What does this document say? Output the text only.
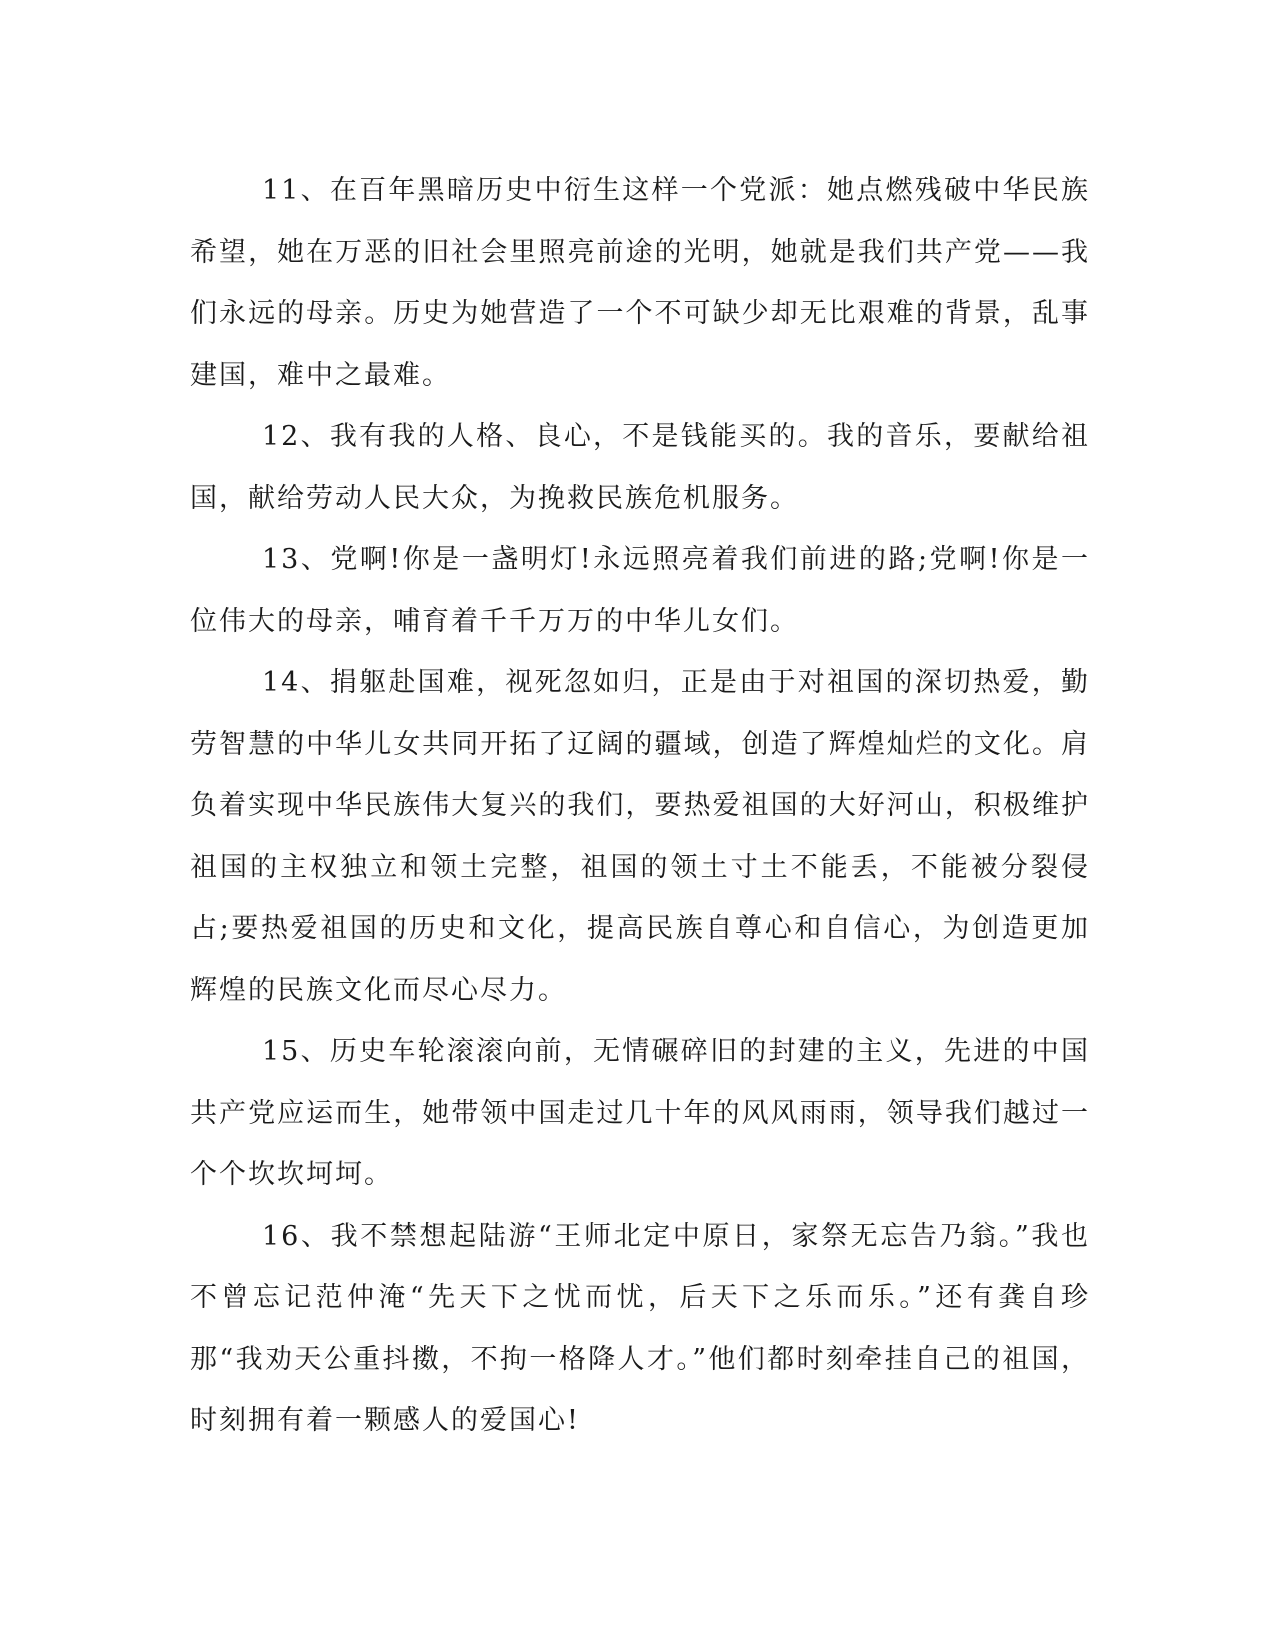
11、在百年黑暗历史中衍生这样一个党派：她点燃残破中华民族希望，她在万恶的旧社会里照亮前途的光明，她就是我们共产党——我们永远的母亲。历史为她营造了一个不可缺少却无比艰难的背景，乱事建国，难中之最难。

12、我有我的人格、良心，不是钱能买的。我的音乐，要献给祖国，献给劳动人民大众，为挽救民族危机服务。

13、党啊!你是一盏明灯!永远照亮着我们前进的路;党啊!你是一位伟大的母亲，哺育着千千万万的中华儿女们。

14、捐躯赴国难，视死忽如归，正是由于对祖国的深切热爱，勤劳智慧的中华儿女共同开拓了辽阔的疆域，创造了辉煌灿烂的文化。肩负着实现中华民族伟大复兴的我们，要热爱祖国的大好河山，积极维护祖国的主权独立和领土完整，祖国的领土寸土不能丢，不能被分裂侵占;要热爱祖国的历史和文化，提高民族自尊心和自信心，为创造更加辉煌的民族文化而尽心尽力。

15、历史车轮滚滚向前，无情碾碎旧的封建的主义，先进的中国共产党应运而生，她带领中国走过几十年的风风雨雨，领导我们越过一个个坎坎坷坷。

16、我不禁想起陆游“王师北定中原日，家祭无忘告乃翁。”我也不曾忘记范仲淹“先天下之忧而忧，后天下之乐而乐。”还有龚自珍那“我劝天公重抖擞，不拘一格降人才。”他们都时刻牵挂自己的祖国，时刻拥有着一颗感人的爱国心!
